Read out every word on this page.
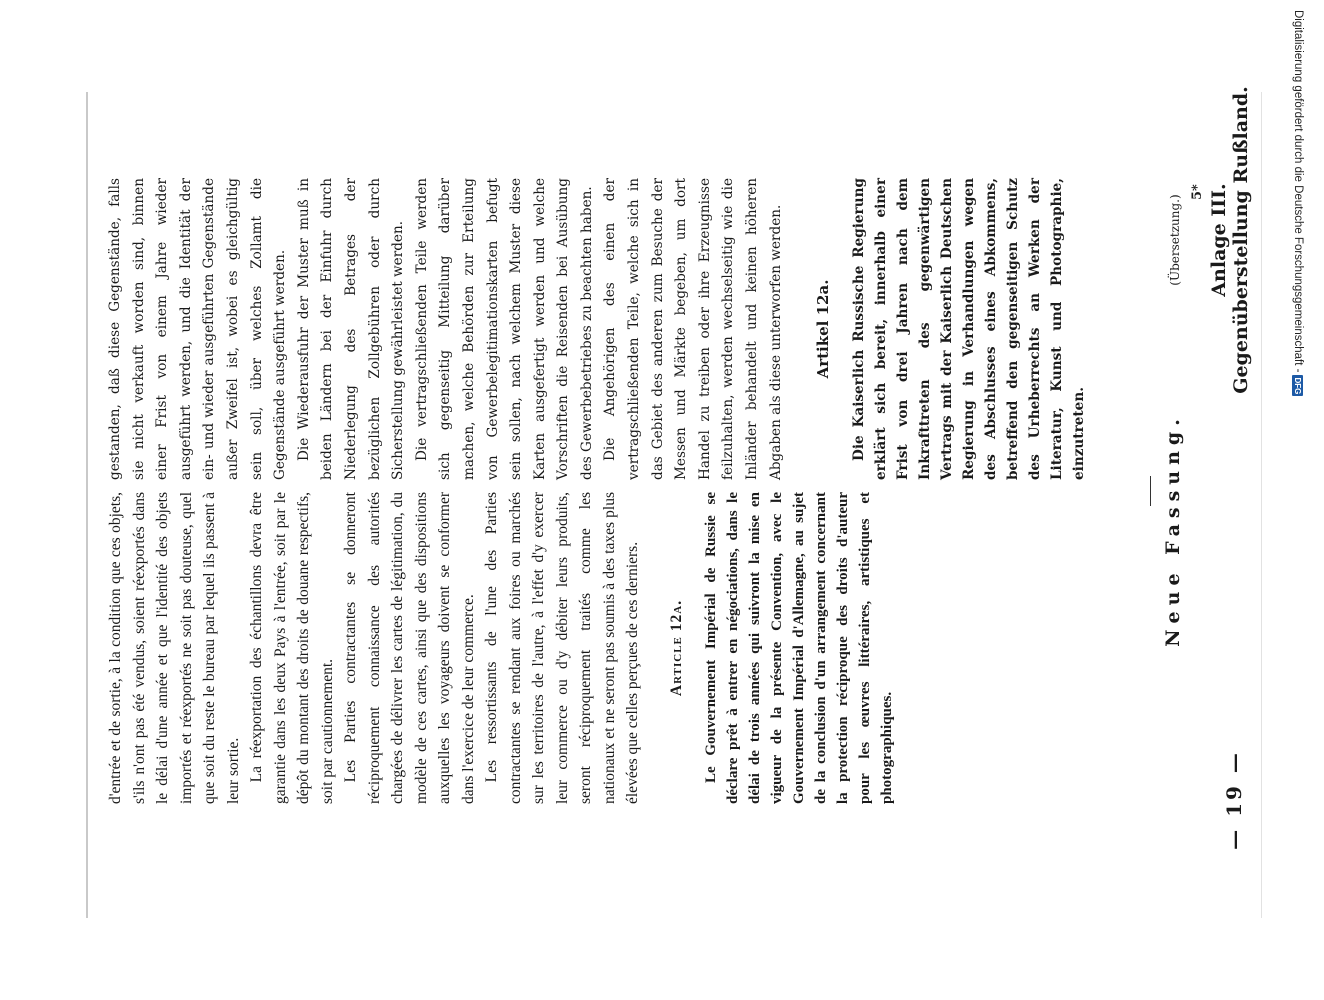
— 19 —
Anlage III. Gegenüberstellung Rußland.
Neue Fassung.
(Übersetzung.)

d'entrée et de sortie, à la condition que ces objets, s'ils n'ont pas été vendus, soient réexportés dans le délai d'une année et que l'identité des objets importés et réexportés ne soit pas douteuse, quel que soit du reste le bureau par lequel ils passent à leur sortie. La réexportation des échantillons devra être garantie dans les deux Pays à l'entrée, soit par le dépôt du montant des droits de douane respectifs, soit par cautionnement. Les Parties contractantes se donneront réciproquement connaissance des autorités chargées de délivrer les cartes de légitimation, du modèle de ces cartes, ainsi que des dispositions auxquelles les voyageurs doivent se conformer dans l'exercice de leur commerce. Les ressortissants de l'une des Parties contractantes se rendant aux foires ou marchés sur les territoires de l'autre, à l'effet d'y exercer leur commerce ou d'y débiter leurs produits, seront réciproquement traités comme les nationaux et ne seront pas soumis à des taxes plus élevées que celles perçues de ces derniers. Article 12a. Le Gouvernement Impérial de Russie se déclare prêt à entrer en négociations, dans le délai de trois années qui suivront la mise en vigueur de la présente Convention, avec le Gouvernement Impérial d'Allemagne, au sujet de la conclusion d'un arrangement concernant la protection réciproque des droits d'auteur pour les œuvres littéraires, artistiques et photographiques.

gestanden, daß diese Gegenstände, falls sie nicht verkauft worden sind, binnen einer Frist von einem Jahre wieder ausgeführt werden, und die Identität der ein- und wieder ausgeführten Gegenstände außer Zweifel ist, wobei es gleichgültig sein soll, über welches Zollamt die Gegenstände ausgeführt werden. Die Wiederausfuhr der Muster muß in beiden Ländern bei der Einfuhr durch Niederlegung des Betrages der bezüglichen Zollgebühren oder durch Sicherstellung gewährleistet werden. Die vertragschließenden Teile werden sich gegenseitig Mitteilung darüber machen, welche Behörden zur Erteilung von Gewerbelegitimationskarten befugt sein sollen, nach welchem Muster diese Karten ausgefertigt werden und welche Vorschriften die Reisenden bei Ausübung des Gewerbebetriebes zu beachten haben. Die Angehörigen des einen der vertragschließenden Teile, welche sich in das Gebiet des anderen zum Besuche der Messen und Märkte begeben, um dort Handel zu treiben oder ihre Erzeugnisse feilzuhalten, werden wechselseitig wie die Inländer behandelt und keinen höheren Abgaben als diese unterworfen werden.	Artikel 12a. Die Kaiserlich Russische Regierung erklärt sich bereit, innerhalb einer Frist von drei Jahren nach dem Inkrafttreten des gegenwärtigen Vertrags mit der Kaiserlich Deutschen Regierung in Verhandlungen wegen des Abschlusses eines Abkommens, betreffend den gegenseitigen Schutz des Urheberrechts an Werken der Literatur, Kunst und Photographie, einzutreten.
5*	Digitalisierung gefördert durch die Deutsche Forschungsgemeinschaft -
DFG
